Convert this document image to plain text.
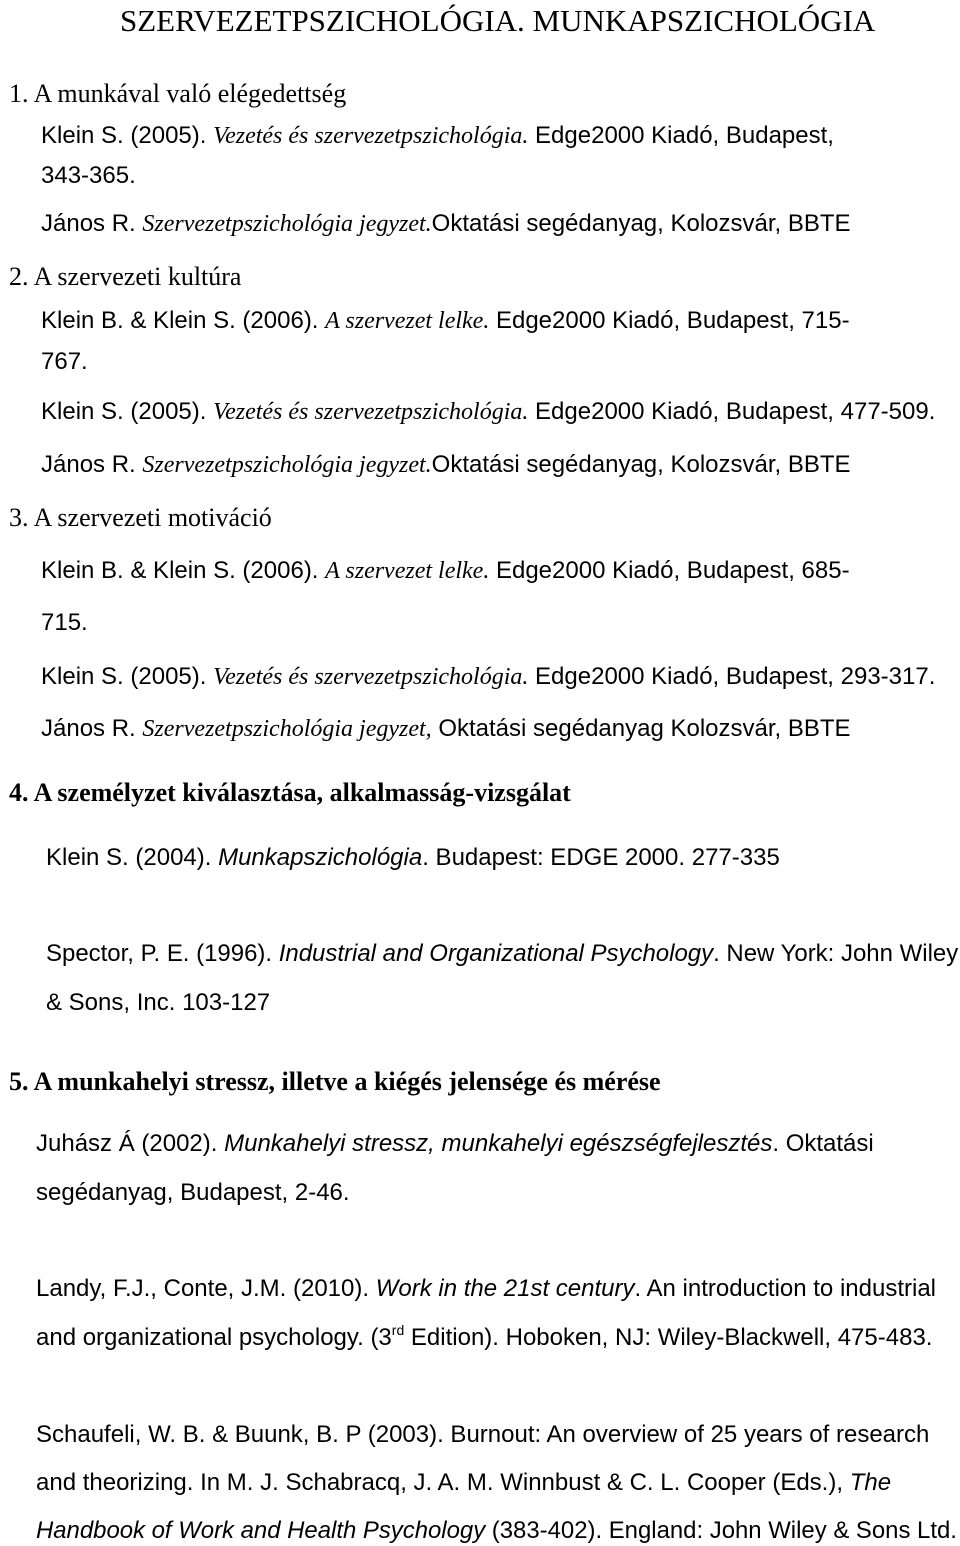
SZERVEZETPSZICHOLÓGIA. MUNKAPSZICHOLÓGIA
1. A munkával való elégedettség
Klein S. (2005). Vezetés és szervezetpszichológia. Edge2000 Kiadó, Budapest,
343-365.
János R. Szervezetpszichológia jegyzet.Oktatási segédanyag, Kolozsvár, BBTE
2. A szervezeti kultúra
Klein B. & Klein S. (2006). A szervezet lelke. Edge2000 Kiadó, Budapest, 715-
767.
Klein S. (2005). Vezetés és szervezetpszichológia. Edge2000 Kiadó, Budapest, 477-509.
János R. Szervezetpszichológia jegyzet.Oktatási segédanyag, Kolozsvár, BBTE
3. A szervezeti motiváció
Klein B. & Klein S. (2006). A szervezet lelke. Edge2000 Kiadó, Budapest, 685-
715.
Klein S. (2005). Vezetés és szervezetpszichológia. Edge2000 Kiadó, Budapest, 293-317.
János R. Szervezetpszichológia jegyzet, Oktatási segédanyag Kolozsvár, BBTE
4. A személyzet kiválasztása, alkalmasság-vizsgálat
Klein S. (2004). Munkapszichológia. Budapest: EDGE 2000. 277-335
Spector, P. E. (1996). Industrial and Organizational Psychology. New York: John Wiley
& Sons, Inc. 103-127
5. A munkahelyi stressz, illetve a kiégés jelensége és mérése
Juhász Á (2002). Munkahelyi stressz, munkahelyi egészségfejlesztés. Oktatási
segédanyag, Budapest, 2-46.
Landy, F.J., Conte, J.M. (2010). Work in the 21st century. An introduction to industrial
and organizational psychology. (3rd Edition). Hoboken, NJ: Wiley-Blackwell, 475-483.
Schaufeli, W. B. & Buunk, B. P (2003). Burnout: An overview of 25 years of research
and theorizing. In M. J. Schabracq, J. A. M. Winnbust & C. L. Cooper (Eds.), The
Handbook of Work and Health Psychology (383-402). England: John Wiley & Sons Ltd.
